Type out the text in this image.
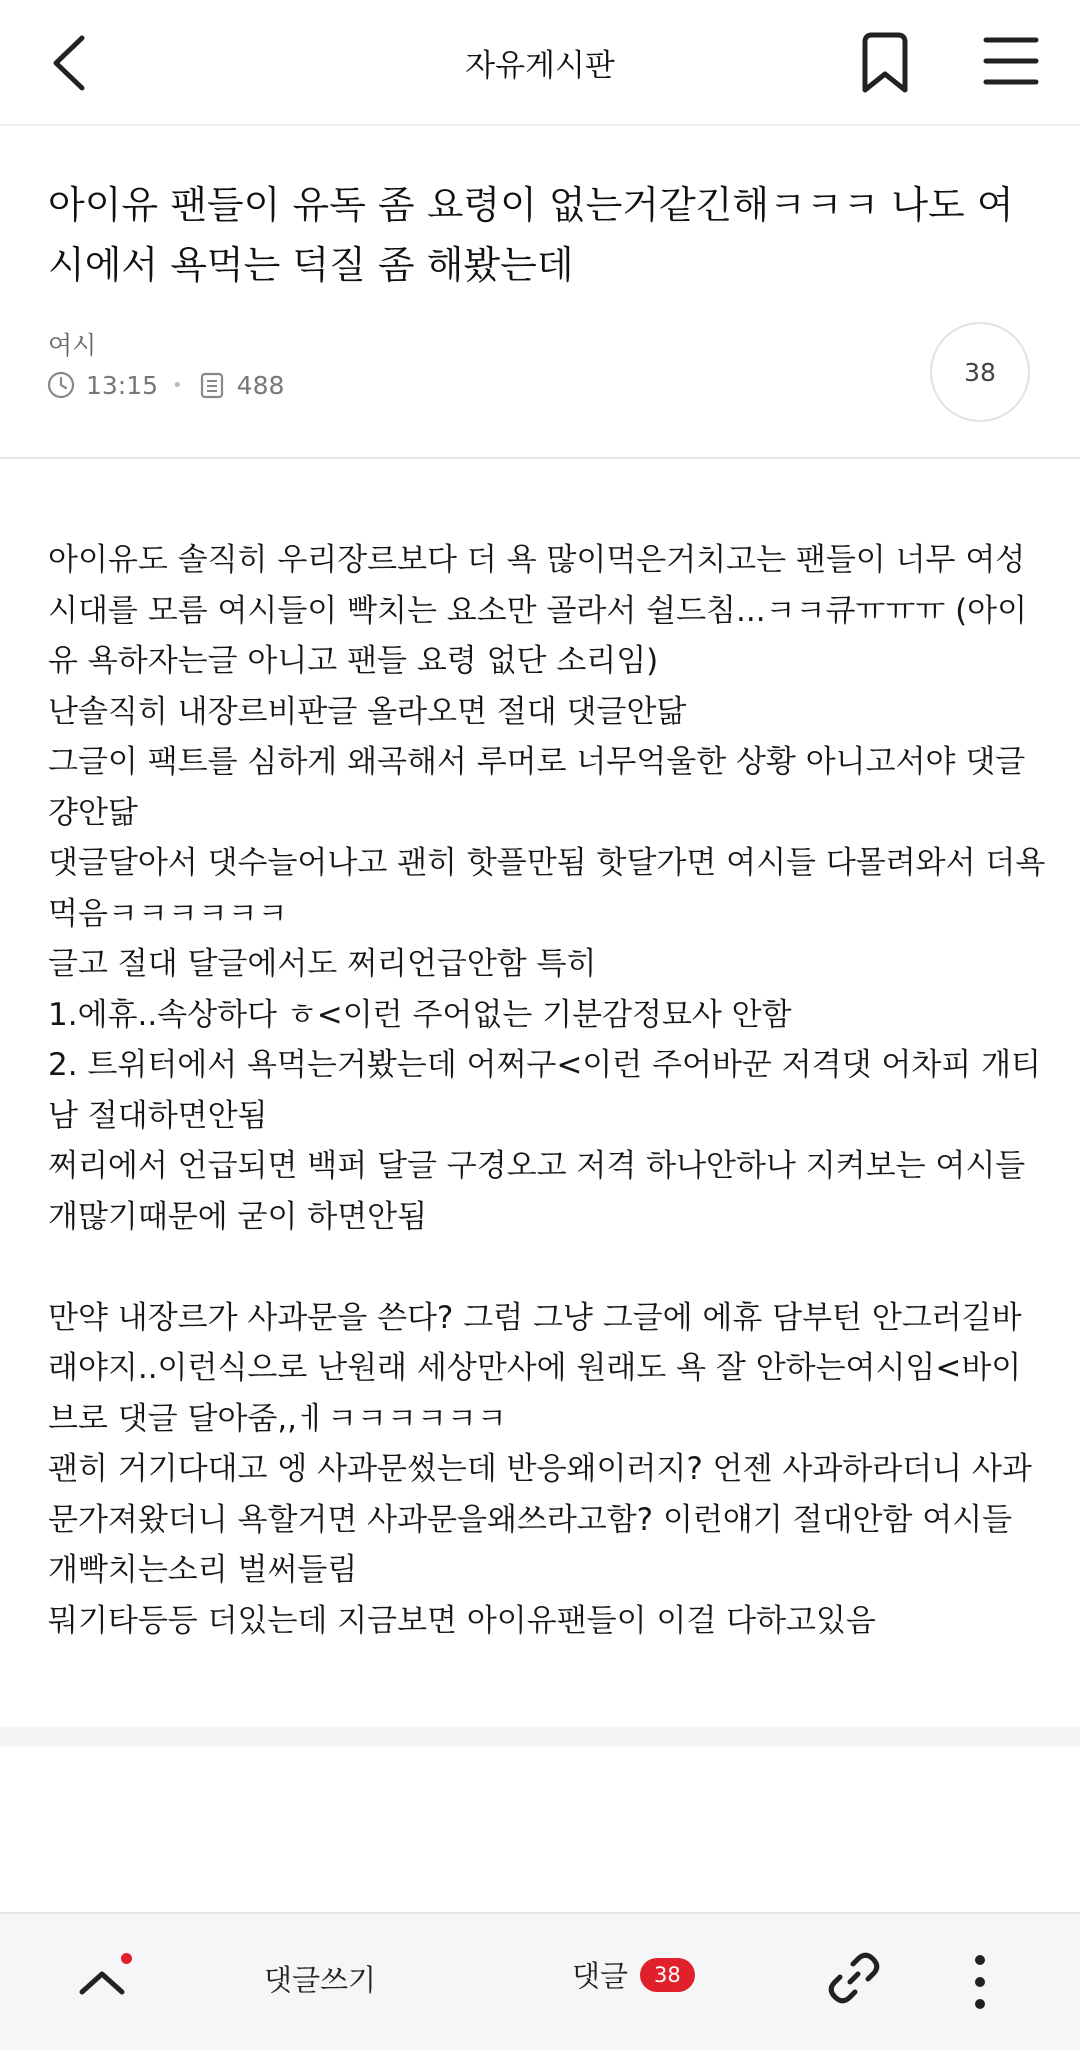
자유게시판
아이유 팬들이 유독 좀 요령이 없는거같긴해ㅋㅋㅋ 나도 여시에서 욕먹는 덕질 좀 해봤는데
여시
13:15 • 488	38

아이유도 솔직히 우리장르보다 더 욕 많이먹은거치고는 팬들이 너무 여성시대를 모름 여시들이 빡치는 요소만 골라서 쉴드침...ㅋㅋ큐ㅠㅠㅠ (아이유 욕하자는글 아니고 팬들 요령 없단 소리임)

난솔직히 내장르비판글 올라오면 절대 댓글안닮

그글이 팩트를 심하게 왜곡해서 루머로 너무억울한 상황 아니고서야 댓글걍안닮

댓글달아서 댓수늘어나고 괜히 핫플만됨 핫달가면 여시들 다몰려와서 더욕먹음ㅋㅋㅋㅋㅋㅋ

글고 절대 달글에서도 쩌리언급안함 특히

1.에휴..속상하다 ㅎ<이런 주어없는 기분감정묘사 안함

2. 트위터에서 욕먹는거봤는데 어쩌구<이런 주어바꾼 저격댓 어차피 개티남 절대하면안됨

쩌리에서 언급되면 백퍼 달글 구경오고 저격 하나안하나 지켜보는 여시들 개많기때문에 굳이 하면안됨

만약 내장르가 사과문을 쓴다? 그럼 그냥 그글에 에휴 담부턴 안그러길바래야지..이런식으로 난원래 세상만사에 원래도 욕 잘 안하는여시임<바이브로 댓글 달아줌,,ㅔㅋㅋㅋㅋㅋㅋ

괜히 거기다대고 엥 사과문썼는데 반응왜이러지? 언젠 사과하라더니 사과문가져왔더니 욕할거면 사과문을왜쓰라고함? 이런얘기 절대안함 여시들 개빡치는소리 벌써들림

뭐기타등등 더있는데 지금보면 아이유팬들이 이걸 다하고있음

댓글쓰기	댓글	38
